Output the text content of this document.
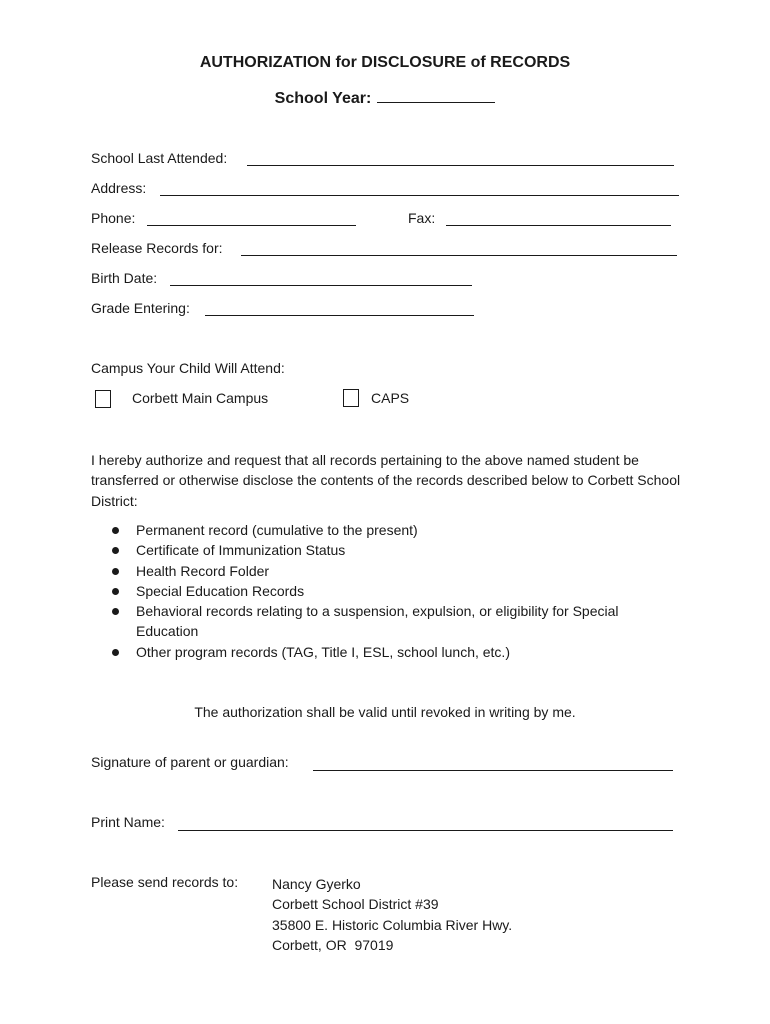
AUTHORIZATION for DISCLOSURE of RECORDS
School Year:
School Last Attended:
Address:
Phone:	Fax:
Release Records for:
Birth Date:
Grade Entering:
Campus Your Child Will Attend:
Corbett Main Campus	CAPS
I hereby authorize and request that all records pertaining to the above named student be transferred or otherwise disclose the contents of the records described below to Corbett School District:
Permanent record (cumulative to the present)
Certificate of Immunization Status
Health Record Folder
Special Education Records
Behavioral records relating to a suspension, expulsion, or eligibility for Special Education
Other program records (TAG, Title I, ESL, school lunch, etc.)
The authorization shall be valid until revoked in writing by me.
Signature of parent or guardian:
Print Name:
Please send records to: Nancy Gyerko
Corbett School District #39
35800 E. Historic Columbia River Hwy.
Corbett, OR  97019
